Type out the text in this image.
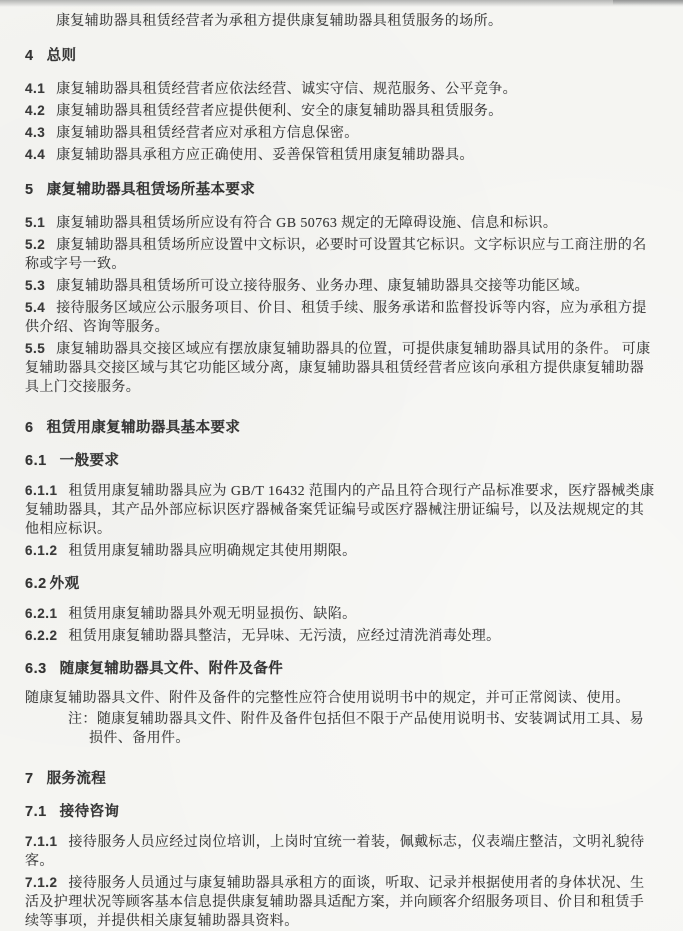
康复辅助器具租赁经营者为承租方提供康复辅助器具租赁服务的场所。

4 总则

4.1 康复辅助器具租赁经营者应依法经营、诚实守信、规范服务、公平竞争。

4.2 康复辅助器具租赁经营者应提供便利、安全的康复辅助器具租赁服务。

4.3 康复辅助器具租赁经营者应对承租方信息保密。

4.4 康复辅助器具承租方应正确使用、妥善保管租赁用康复辅助器具。

5 康复辅助器具租赁场所基本要求

5.1 康复辅助器具租赁场所应设有符合 GB 50763 规定的无障碍设施、信息和标识。

5.2 康复辅助器具租赁场所应设置中文标识，必要时可设置其它标识。文字标识应与工商注册的名称或字号一致。

5.3 康复辅助器具租赁场所可设立接待服务、业务办理、康复辅助器具交接等功能区域。

5.4 接待服务区域应公示服务项目、价目、租赁手续、服务承诺和监督投诉等内容，应为承租方提供介绍、咨询等服务。

5.5 康复辅助器具交接区域应有摆放康复辅助器具的位置，可提供康复辅助器具试用的条件。 可康复辅助器具交接区域与其它功能区域分离，康复辅助器具租赁经营者应该向承租方提供康复辅助器具上门交接服务。

6 租赁用康复辅助器具基本要求

6.1 一般要求

6.1.1 租赁用康复辅助器具应为 GB/T 16432 范围内的产品且符合现行产品标准要求，医疗器械类康复辅助器具，其产品外部应标识医疗器械备案凭证编号或医疗器械注册证编号，以及法规规定的其他相应标识。

6.1.2 租赁用康复辅助器具应明确规定其使用期限。

6.2 外观

6.2.1 租赁用康复辅助器具外观无明显损伤、缺陷。

6.2.2 租赁用康复辅助器具整洁，无异味、无污渍，应经过清洗消毒处理。

6.3 随康复辅助器具文件、附件及备件

随康复辅助器具文件、附件及备件的完整性应符合使用说明书中的规定，并可正常阅读、使用。

注：随康复辅助器具文件、附件及备件包括但不限于产品使用说明书、安装调试用工具、易损件、备用件。

7 服务流程

7.1 接待咨询

7.1.1 接待服务人员应经过岗位培训，上岗时宜统一着装，佩戴标志，仪表端庄整洁，文明礼貌待客。

7.1.2 接待服务人员通过与康复辅助器具承租方的面谈，听取、记录并根据使用者的身体状况、生活及护理状况等顾客基本信息提供康复辅助器具适配方案，并向顾客介绍服务项目、价目和租赁手续等事项，并提供相关康复辅助器具资料。
